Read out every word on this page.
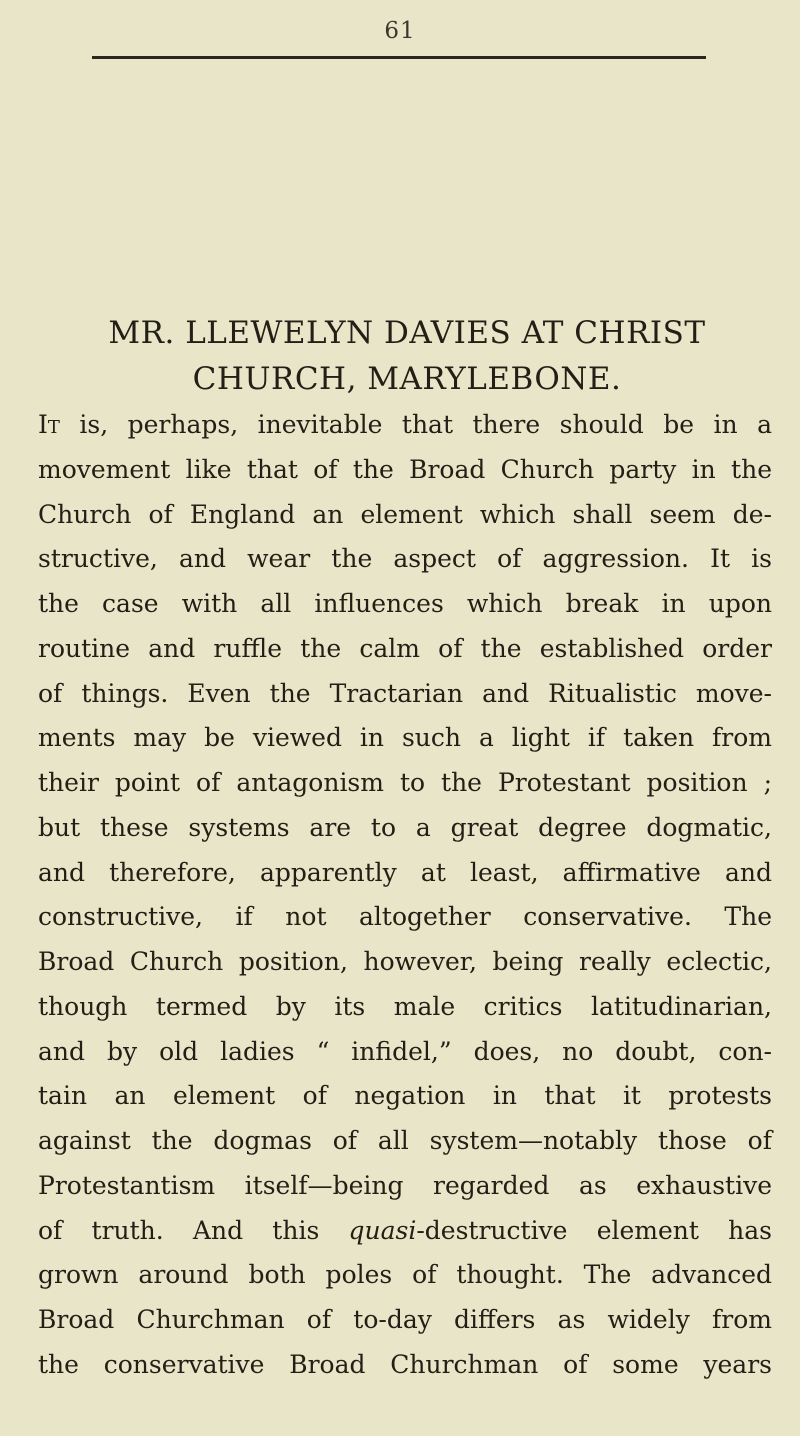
61
MR. LLEWELYN DAVIES AT CHRIST
CHURCH, MARYLEBONE.
It is, perhaps, inevitable that there should be in a
movement like that of the Broad Church party in the
Church of England an element which shall seem de-
structive, and wear the aspect of aggression. It is
the case with all influences which break in upon
routine and ruffle the calm of the established order
of things. Even the Tractarian and Ritualistic move-
ments may be viewed in such a light if taken from
their point of antagonism to the Protestant position ;
but these systems are to a great degree dogmatic,
and therefore, apparently at least, affirmative and
constructive, if not altogether conservative. The
Broad Church position, however, being really eclectic,
though termed by its male critics latitudinarian,
and by old ladies “ infidel,” does, no doubt, con-
tain an element of negation in that it protests
against the dogmas of all system—notably those of
Protestantism itself—being regarded as exhaustive
of truth. And this quasi-destructive element has
grown around both poles of thought. The advanced
Broad Churchman of to-day differs as widely from
the conservative Broad Churchman of some years
